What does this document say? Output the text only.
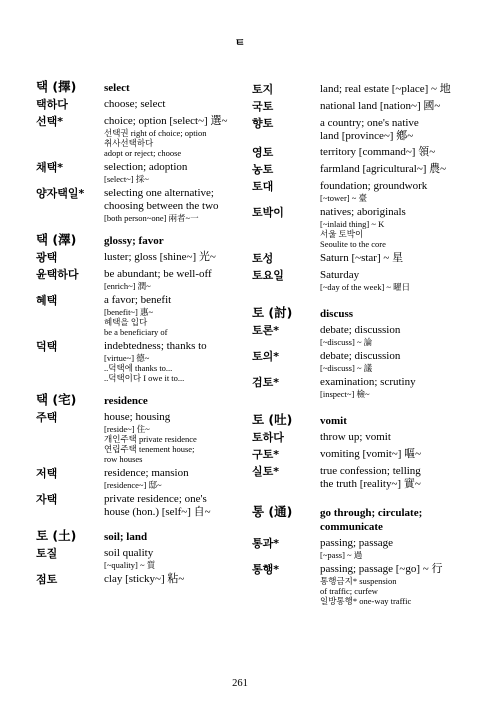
ㅌ
택 (擇)	select
택하다	choose; select
선택*	choice; option [select~] 選~
선택권 right of choice; option
취사선택하다
adopt or reject; choose
채택*	selection; adoption
[select~] 採~
양자택일*	selecting one alternative;
choosing between the two
[both person~one] 兩者~一
택 (澤)	glossy; favor
광택	luster; gloss [shine~] 光~
윤택하다	be abundant; be well-off
[enrich~] 潤~
혜택	a favor; benefit
[benefit~] 惠~
혜택을 입다
be a beneficiary of
덕택	indebtedness; thanks to
[virtue~] 德~
..덕택에 thanks to...
..덕택이다 I owe it to...
택 (宅)	residence
주택	house; housing
[reside~] 住~
개인주택 private residence
연립주택 tenement house;
row houses
저택	residence; mansion
[residence~] 邸~
자택	private residence; one's
house (hon.) [self~] 自~
토 (土)	soil; land
토질	soil quality
[~quality] ~ 質
점토	clay [sticky~] 粘~
토지	land; real estate [~place] ~ 地
국토	national land [nation~] 國~
향토	a country; one's native
land [province~] 鄕~
영토	territory [command~] 領~
농토	farmland [agricultural~] 農~
토대	foundation; groundwork
[~tower] ~ 臺
토박이	natives; aboriginals
[~inlaid thing] ~ K
서울 토박이
Seoulite to the core
토성	Saturn [~star] ~ 星
토요일	Saturday
[~day of the week] ~ 曜日
토 (討)	discuss
토론*	debate; discussion
[~discuss] ~ 論
토의*	debate; discussion
[~discuss] ~ 議
검토*	examination; scrutiny
[inspect~] 檢~
토 (吐)	vomit
토하다	throw up; vomit
구토*	vomiting [vomit~] 嘔~
실토*	true confession; telling
the truth [reality~] 實~
통 (通)	go through; circulate;
communicate
통과*	passing; passage
[~pass] ~ 過
통행*	passing; passage [~go] ~ 行
통행금지* suspension
of traffic; curfew
일방통행* one-way traffic
261
